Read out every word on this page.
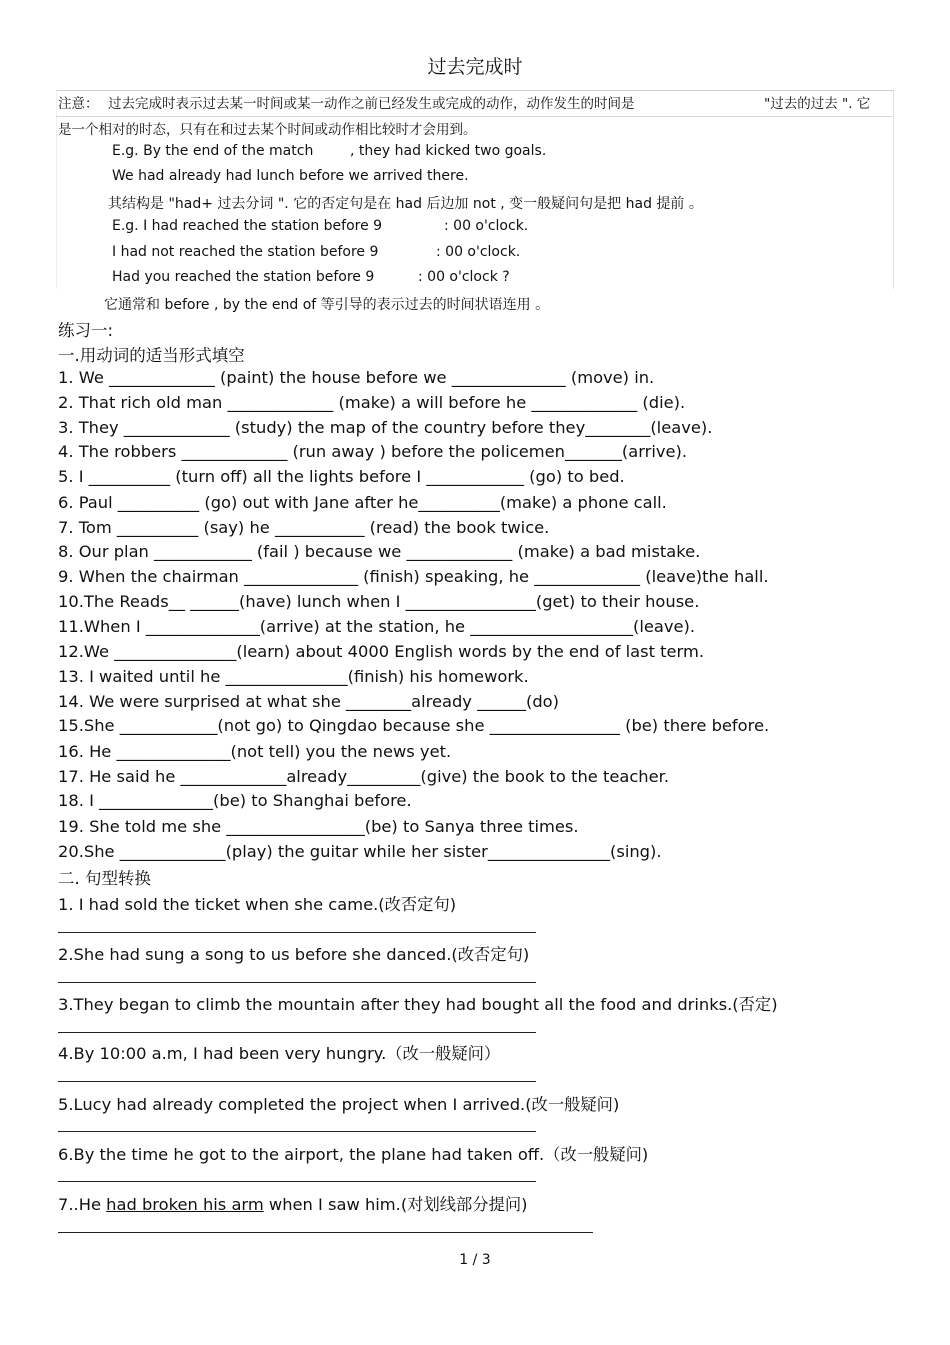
过去完成时
注意： 过去完成时表示过去某一时间或某一动作之前已经发生或完成的动作，动作发生的时间是	"过去的过去 ". 它
是一个相对的时态，只有在和过去某个时间或动作相比较时才会用到。
E.g. By the end of the match	, they had kicked two goals.
We had already had lunch before we arrived there.
其结构是 "had+ 过去分词 ". 它的否定句是在 had 后边加 not , 变一般疑问句是把 had 提前 。
E.g. I had reached the station before 9	: 00 o'clock.
I had not reached the station before 9	: 00 o'clock.
Had you reached the station before 9	: 00 o'clock ?
它通常和 before , by the end of 等引导的表示过去的时间状语连用 。
练习一:
一.用动词的适当形式填空
1. We _____________ (paint) the house before we ______________ (move) in.
2. That rich old man _____________ (make) a will before he _____________ (die).
3. They _____________ (study) the map of the country before they________(leave).
4. The robbers _____________ (run away ) before the policemen_______(arrive).
5. I __________ (turn off) all the lights before I ____________ (go) to bed.
6. Paul __________ (go) out with Jane after he__________(make) a phone call.
7. Tom __________ (say) he ___________ (read) the book twice.
8. Our plan ____________ (fail ) because we _____________ (make) a bad mistake.
9. When the chairman ______________ (finish) speaking, he _____________ (leave)the hall.
10.The Reads__ ______(have) lunch when I ________________(get) to their house.
11.When I ______________(arrive) at the station, he ____________________(leave).
12.We _______________(learn) about 4000 English words by the end of last term.
13. I waited until he _______________(finish) his homework.
14. We were surprised at what she ________already ______(do)
15.She ____________(not go) to Qingdao because she ________________ (be) there before.
16. He ______________(not tell) you the news yet.
17. He said he _____________already_________(give) the book to the teacher.
18. I ______________(be) to Shanghai before.
19. She told me she _________________(be) to Sanya three times.
20.She _____________(play) the guitar while her sister_______________(sing).
二. 句型转换
1. I had sold the ticket when she came.(改否定句)
2.She had sung a song to us before she danced.(改否定句)
3.They began to climb the mountain after they had bought all the food and drinks.(否定)
4.By 10:00 a.m, I had been very hungry.（改一般疑问）
5.Lucy had already completed the project when I arrived.(改一般疑问)
6.By the time he got to the airport, the plane had taken off.（改一般疑问)
7..He had broken his arm when I saw him.(对划线部分提问)
1 / 3
